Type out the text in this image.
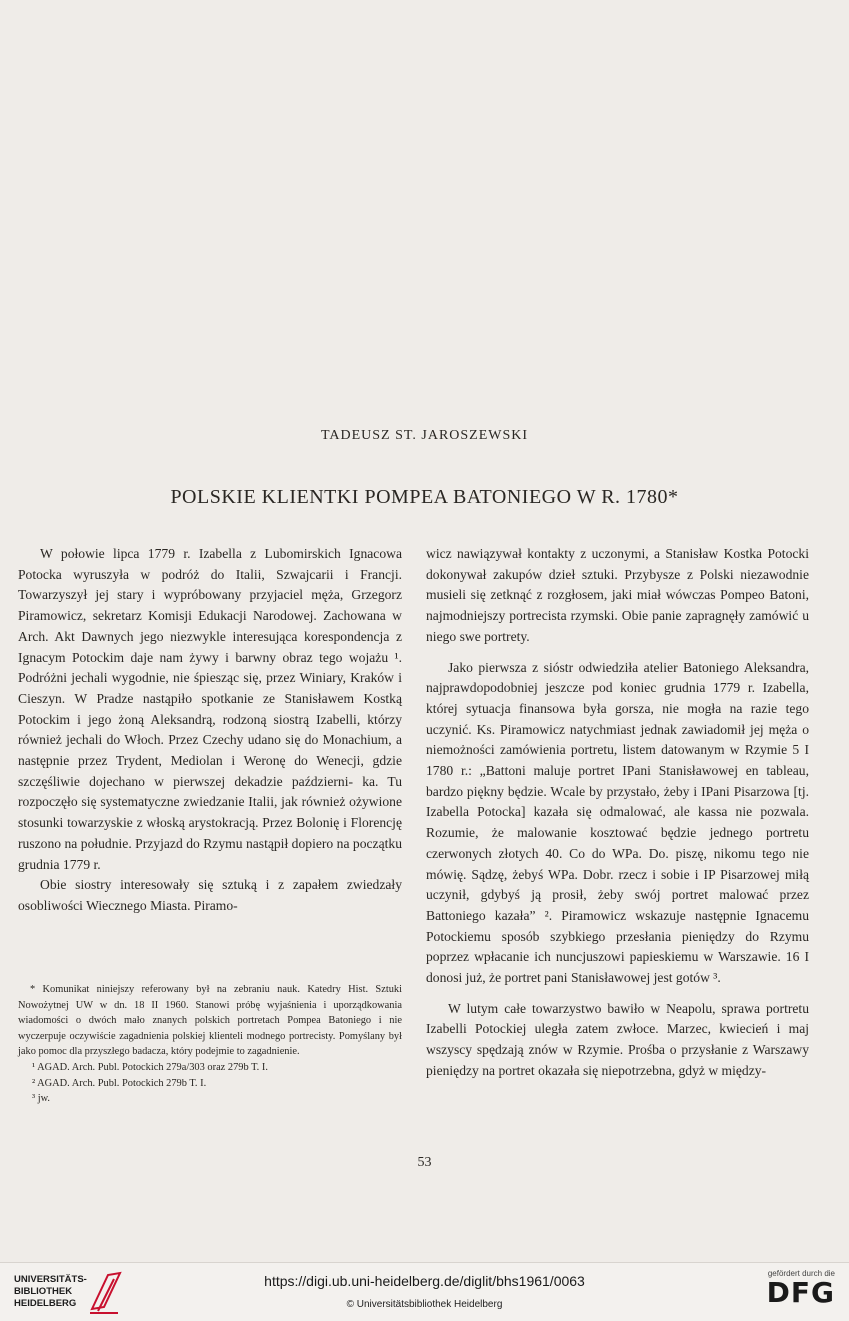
TADEUSZ ST. JAROSZEWSKI
POLSKIE KLIENTKI POMPEA BATONIEGO W R. 1780*

W połowie lipca 1779 r. Izabella z Lubomirskich Ignacowa Potocka wyruszyła w podróż do Italii, Szwajcarii i Francji. Towarzyszył jej stary i wypróbowany przyjaciel męża, Grzegorz Piramowicz, sekretarz Komisji Edukacji Narodowej. Zachowana w Arch. Akt Dawnych jego niezwykle interesująca korespondencja z Ignacym Potockim daje nam żywy i barwny obraz tego wojażu ¹. Podróżni jechali wygodnie, nie śpiesząc się, przez Winiary, Kraków i Cieszyn. W Pradze nastąpiło spotkanie ze Stanisławem Kostką Potockim i jego żoną Aleksandrą, rodzoną siostrą Izabelli, którzy również jechali do Włoch. Przez Czechy udano się do Monachium, a następnie przez Trydent, Mediolan i Weronę do Wenecji, gdzie szczęśliwie dojechano w pierwszej dekadzie październi- ka. Tu rozpoczęło się systematyczne zwiedzanie Italii, jak również ożywione stosunki towarzyskie z włoską arystokracją. Przez Bolonię i Florencję ruszono na południe. Przyjazd do Rzymu nastąpił dopiero na początku grudnia 1779 r.

Obie siostry interesowały się sztuką i z zapałem zwiedzały osobliwości Wiecznego Miasta. Piramo-

* Komunikat niniejszy referowany był na zebraniu nauk. Katedry Hist. Sztuki Nowożytnej UW w dn. 18 II 1960. Stanowi próbę wyjaśnienia i uporządkowania wiadomości o dwóch mało znanych polskich portretach Pompea Batoniego i nie wyczerpuje oczywiście zagadnienia polskiej klienteli modnego portrecisty. Pomyślany był jako pomoc dla przyszłego badacza, który podejmie to zagadnienie.
¹ AGAD. Arch. Publ. Potockich 279a/303 oraz 279b T. I.
² AGAD. Arch. Publ. Potockich 279b T. I.
³ jw.

wicz nawiązywał kontakty z uczonymi, a Stanisław Kostka Potocki dokonywał zakupów dzieł sztuki. Przybysze z Polski niezawodnie musieli się zetknąć z rozgłosem, jaki miał wówczas Pompeo Batoni, najmodniejszy portrecista rzymski. Obie panie zapragnęły zamówić u niego swe portrety.

Jako pierwsza z sióstr odwiedziła atelier Batoniego Aleksandra, najprawdopodobniej jeszcze pod koniec grudnia 1779 r. Izabella, której sytuacja finansowa była gorsza, nie mogła na razie tego uczynić. Ks. Piramowicz natychmiast jednak zawiadomił jej męża o niemożności zamówienia portretu, listem datowanym w Rzymie 5 I 1780 r.: „Battoni maluje portret IPani Stanisławowej en tableau, bardzo piękny będzie. Wcale by przystało, żeby i IPani Pisarzowa [tj. Izabella Potocka] kazała się odmalować, ale kassa nie pozwala. Rozumie, że malowanie kosztować będzie jednego portretu czerwonych złotych 40. Co do WPa. Do. piszę, nikomu tego nie mówię. Sądzę, żebyś WPa. Dobr. rzecz i sobie i IP Pisarzowej miłą uczynił, gdybyś ją prosił, żeby swój portret malować przez Battoniego kazała” ². Piramowicz wskazuje następnie Ignacemu Potockiemu sposób szybkiego przesłania pieniędzy do Rzymu poprzez wpłacanie ich nuncjuszowi papieskiemu w Warszawie. 16 I donosi już, że portret pani Stanisławowej jest gotów ³.

W lutym całe towarzystwo bawiło w Neapolu, sprawa portretu Izabelli Potockiej uległa zatem zwłoce. Marzec, kwiecień i maj wszyscy spędzają znów w Rzymie. Prośba o przysłanie z Warszawy pieniędzy na portret okazała się niepotrzebna, gdyż w między-

53
UNIVERSITÄTS-
BIBLIOTHEK
HEIDELBERG
https://digi.ub.uni-heidelberg.de/diglit/bhs1961/0063
© Universitätsbibliothek Heidelberg
gefördert durch die
DFG
